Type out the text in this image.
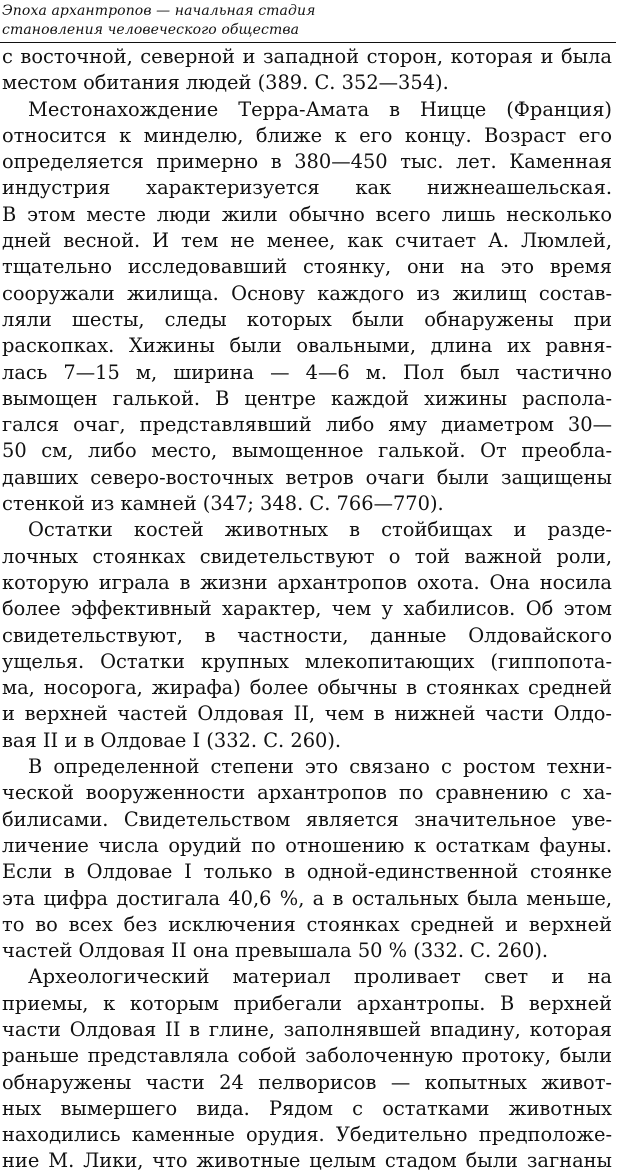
Эпоха архантропов — начальная стадия
становления человеческого общества
с восточной, северной и западной сторон, которая и была
местом обитания людей (389. С. 352—354).
Местонахождение Терра-Амата в Ницце (Франция)
относится к минделю, ближе к его концу. Возраст его
определяется примерно в 380—450 тыс. лет. Каменная
индустрия характеризуется как нижнеашельская.
В этом месте люди жили обычно всего лишь несколько
дней весной. И тем не менее, как считает А. Люмлей,
тщательно исследовавший стоянку, они на это время
сооружали жилища. Основу каждого из жилищ состав-
ляли шесты, следы которых были обнаружены при
раскопках. Хижины были овальными, длина их равня-
лась 7—15 м, ширина — 4—6 м. Пол был частично
вымощен галькой. В центре каждой хижины распола-
гался очаг, представлявший либо яму диаметром 30—
50 см, либо место, вымощенное галькой. От преобла-
давших северо-восточных ветров очаги были защищены
стенкой из камней (347; 348. С. 766—770).
Остатки костей животных в стойбищах и разде-
лочных стоянках свидетельствуют о той важной роли,
которую играла в жизни архантропов охота. Она носила
более эффективный характер, чем у хабилисов. Об этом
свидетельствуют, в частности, данные Олдовайского
ущелья. Остатки крупных млекопитающих (гиппопота-
ма, носорога, жирафа) более обычны в стоянках средней
и верхней частей Олдовая II, чем в нижней части Олдо-
вая II и в Олдовае I (332. С. 260).
В определенной степени это связано с ростом техни-
ческой вооруженности архантропов по сравнению с ха-
билисами. Свидетельством является значительное уве-
личение числа орудий по отношению к остаткам фауны.
Если в Олдовае I только в одной-единственной стоянке
эта цифра достигала 40,6 %, а в остальных была меньше,
то во всех без исключения стоянках средней и верхней
частей Олдовая II она превышала 50 % (332. С. 260).
Археологический материал проливает свет и на
приемы, к которым прибегали архантропы. В верхней
части Олдовая II в глине, заполнявшей впадину, которая
раньше представляла собой заболоченную протоку, были
обнаружены части 24 пелворисов — копытных живот-
ных вымершего вида. Рядом с остатками животных
находились каменные орудия. Убедительно предположе-
ние М. Лики, что животные целым стадом были загнаны
